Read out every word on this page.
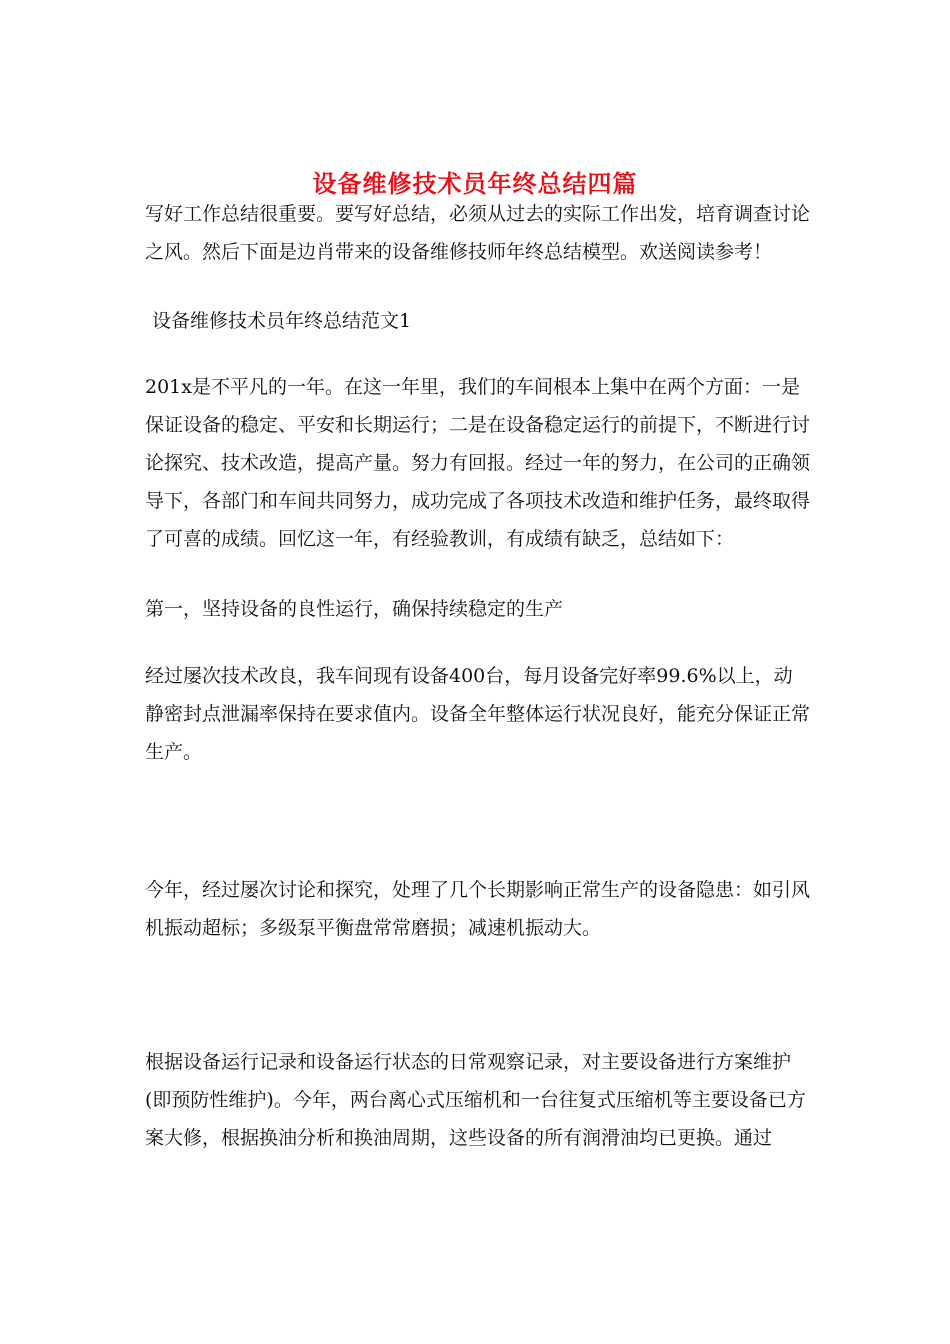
设备维修技术员年终总结四篇

写好工作总结很重要。要写好总结，必须从过去的实际工作出发，培育调查讨论之风。然后下面是边肖带来的设备维修技师年终总结模型。欢送阅读参考！

设备维修技术员年终总结范文1

201x是不平凡的一年。在这一年里，我们的车间根本上集中在两个方面：一是保证设备的稳定、平安和长期运行；二是在设备稳定运行的前提下，不断进行讨论探究、技术改造，提高产量。努力有回报。经过一年的努力，在公司的正确领导下，各部门和车间共同努力，成功完成了各项技术改造和维护任务，最终取得了可喜的成绩。回忆这一年，有经验教训，有成绩有缺乏，总结如下：

第一，坚持设备的良性运行，确保持续稳定的生产

经过屡次技术改良，我车间现有设备400台，每月设备完好率99.6%以上，动静密封点泄漏率保持在要求值内。设备全年整体运行状况良好，能充分保证正常生产。

今年，经过屡次讨论和探究，处理了几个长期影响正常生产的设备隐患：如引风机振动超标；多级泵平衡盘常常磨损；减速机振动大。

根据设备运行记录和设备运行状态的日常观察记录，对主要设备进行方案维护(即预防性维护)。今年，两台离心式压缩机和一台往复式压缩机等主要设备已方案大修，根据换油分析和换油周期，这些设备的所有润滑油均已更换。通过
